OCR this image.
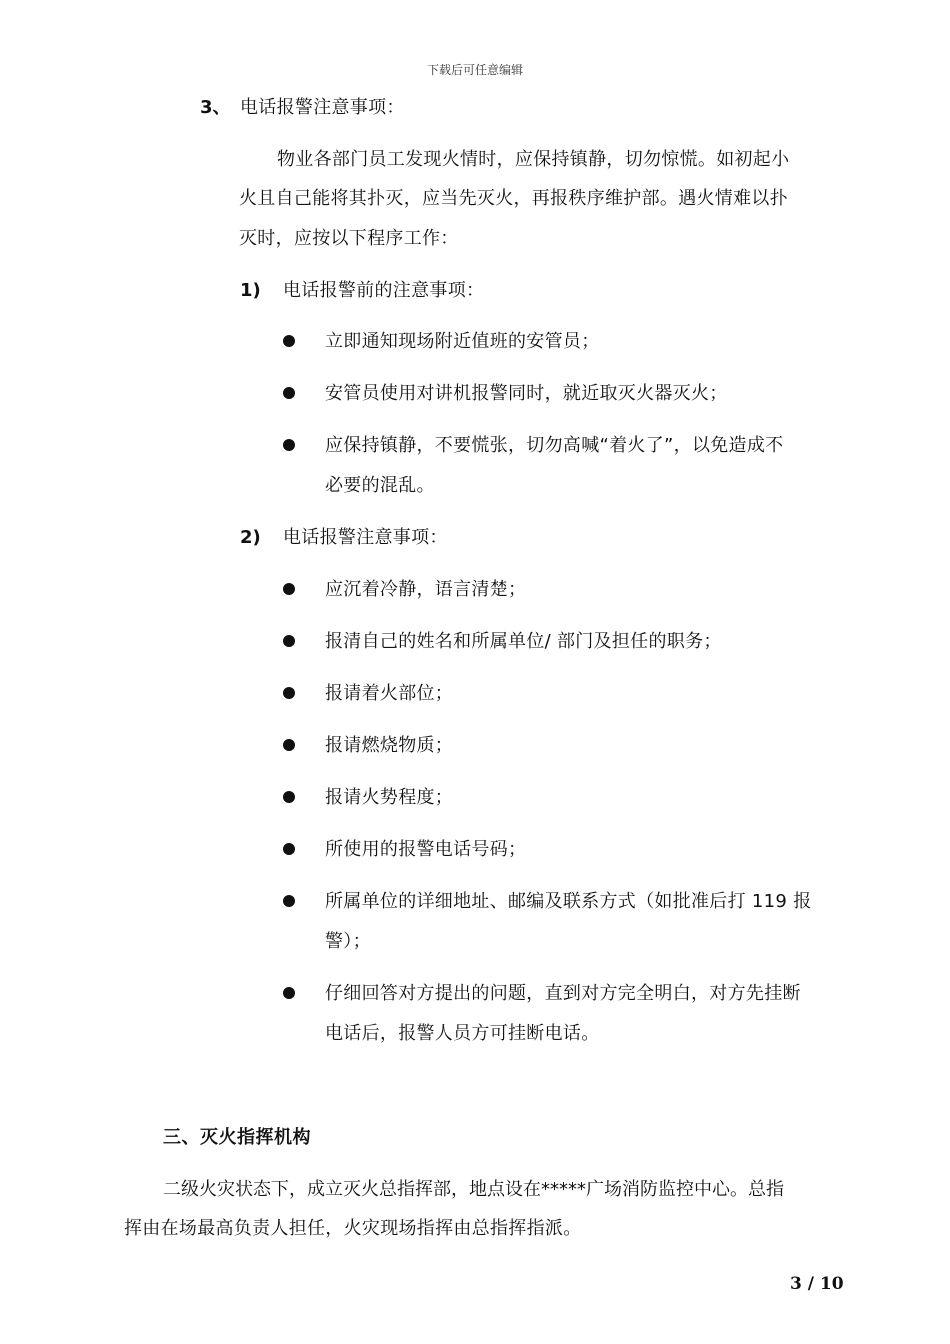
下载后可任意编辑
3、 电话报警注意事项：
物业各部门员工发现火情时，应保持镇静，切勿惊慌。如初起小
火且自己能将其扑灭，应当先灭火，再报秩序维护部。遇火情难以扑
灭时，应按以下程序工作：
1) 电话报警前的注意事项：
立即通知现场附近值班的安管员；
安管员使用对讲机报警同时，就近取灭火器灭火；
应保持镇静，不要慌张，切勿高喊“着火了”，以免造成不
必要的混乱。
2) 电话报警注意事项：
应沉着冷静，语言清楚；
报清自己的姓名和所属单位/ 部门及担任的职务；
报请着火部位；
报请燃烧物质；
报请火势程度；
所使用的报警电话号码；
所属单位的详细地址、邮编及联系方式（如批准后打 119 报
警）；
仔细回答对方提出的问题，直到对方完全明白，对方先挂断
电话后，报警人员方可挂断电话。
三、灭火指挥机构
二级火灾状态下，成立灭火总指挥部，地点设在*****广场消防监控中心。总指
挥由在场最高负责人担任，火灾现场指挥由总指挥指派。
3 / 10
